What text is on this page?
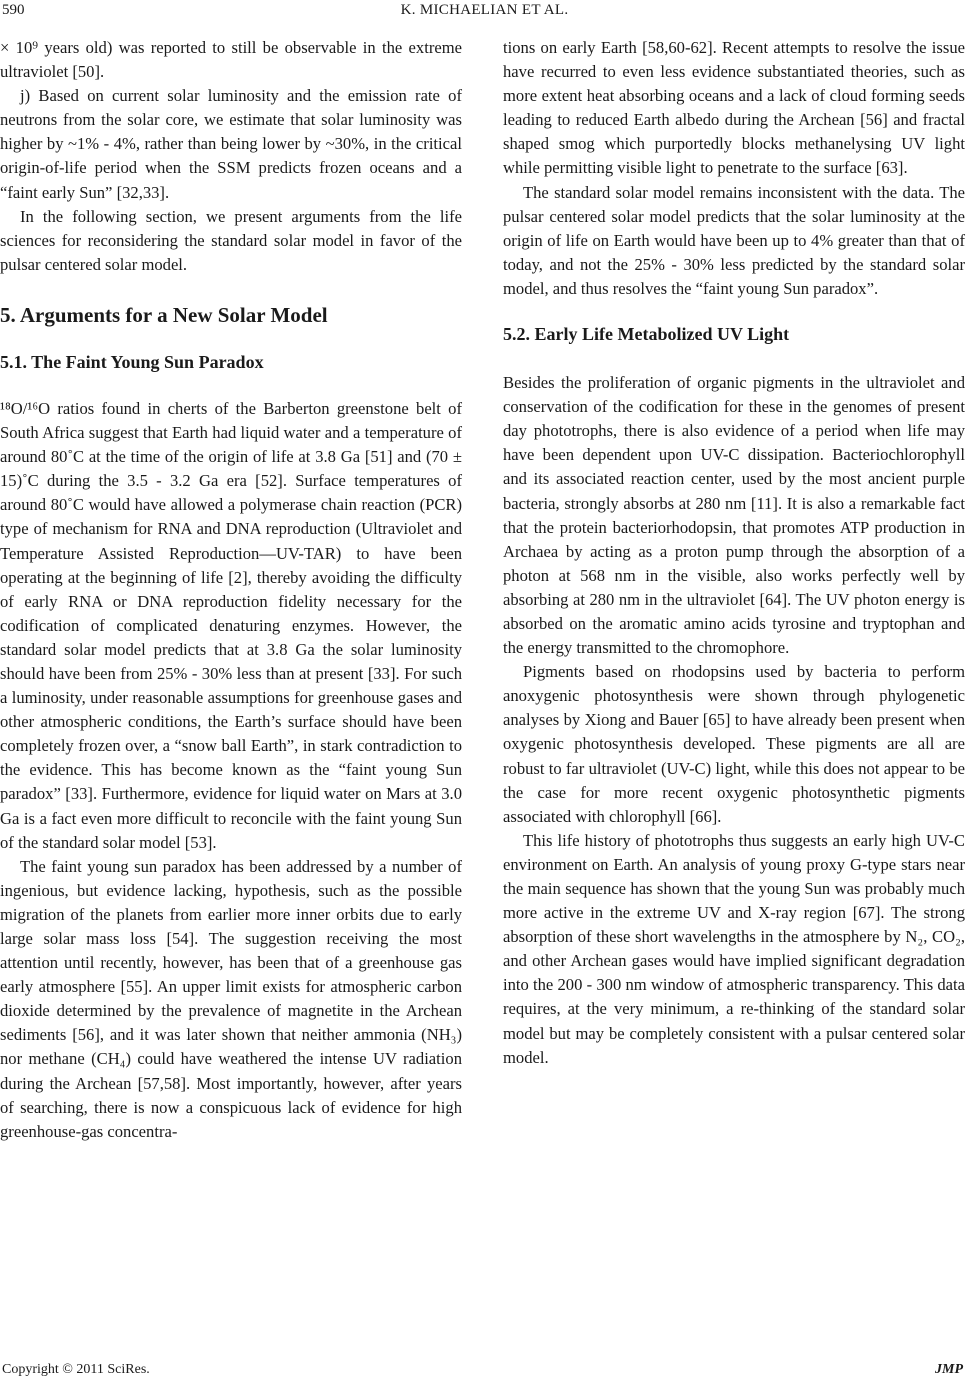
590	K. MICHAELIAN ET AL.

× 10⁹ years old) was reported to still be observable in the extreme ultraviolet [50].

j) Based on current solar luminosity and the emission rate of neutrons from the solar core, we estimate that solar luminosity was higher by ~1% - 4%, rather than being lower by ~30%, in the critical origin-of-life period when the SSM predicts frozen oceans and a “faint early Sun” [32,33].

In the following section, we present arguments from the life sciences for reconsidering the standard solar model in favor of the pulsar centered solar model.

5. Arguments for a New Solar Model
5.1. The Faint Young Sun Paradox

¹⁸O/¹⁶O ratios found in cherts of the Barberton greenstone belt of South Africa suggest that Earth had liquid water and a temperature of around 80˚C at the time of the origin of life at 3.8 Ga [51] and (70 ± 15)˚C during the 3.5 - 3.2 Ga era [52]. Surface temperatures of around 80˚C would have allowed a polymerase chain reaction (PCR) type of mechanism for RNA and DNA reproduction (Ultraviolet and Temperature Assisted Reproduction—UV-TAR) to have been operating at the beginning of life [2], thereby avoiding the difficulty of early RNA or DNA reproduction fidelity necessary for the codification of complicated denaturing enzymes. However, the standard solar model predicts that at 3.8 Ga the solar luminosity should have been from 25% - 30% less than at present [33]. For such a luminosity, under reasonable assumptions for greenhouse gases and other atmospheric conditions, the Earth’s surface should have been completely frozen over, a “snow ball Earth”, in stark contradiction to the evidence. This has become known as the “faint young Sun paradox” [33]. Furthermore, evidence for liquid water on Mars at 3.0 Ga is a fact even more difficult to reconcile with the faint young Sun of the standard solar model [53].

The faint young sun paradox has been addressed by a number of ingenious, but evidence lacking, hypothesis, such as the possible migration of the planets from earlier more inner orbits due to early large solar mass loss [54]. The suggestion receiving the most attention until recently, however, has been that of a greenhouse gas early atmosphere [55]. An upper limit exists for atmospheric carbon dioxide determined by the prevalence of magnetite in the Archean sediments [56], and it was later shown that neither ammonia (NH₃) nor methane (CH₄) could have weathered the intense UV radiation during the Archean [57,58]. Most importantly, however, after years of searching, there is now a conspicuous lack of evidence for high greenhouse-gas concentra-

tions on early Earth [58,60-62]. Recent attempts to resolve the issue have recurred to even less evidence substantiated theories, such as more extent heat absorbing oceans and a lack of cloud forming seeds leading to reduced Earth albedo during the Archean [56] and fractal shaped smog which purportedly blocks methanelysing UV light while permitting visible light to penetrate to the surface [63].

The standard solar model remains inconsistent with the data. The pulsar centered solar model predicts that the solar luminosity at the origin of life on Earth would have been up to 4% greater than that of today, and not the 25% - 30% less predicted by the standard solar model, and thus resolves the “faint young Sun paradox”.

5.2. Early Life Metabolized UV Light

Besides the proliferation of organic pigments in the ultraviolet and conservation of the codification for these in the genomes of present day phototrophs, there is also evidence of a period when life may have been dependent upon UV-C dissipation. Bacteriochlorophyll and its associated reaction center, used by the most ancient purple bacteria, strongly absorbs at 280 nm [11]. It is also a remarkable fact that the protein bacteriorhodopsin, that promotes ATP production in Archaea by acting as a proton pump through the absorption of a photon at 568 nm in the visible, also works perfectly well by absorbing at 280 nm in the ultraviolet [64]. The UV photon energy is absorbed on the aromatic amino acids tyrosine and tryptophan and the energy transmitted to the chromophore.

Pigments based on rhodopsins used by bacteria to perform anoxygenic photosynthesis were shown through phylogenetic analyses by Xiong and Bauer [65] to have already been present when oxygenic photosynthesis developed. These pigments are all are robust to far ultraviolet (UV-C) light, while this does not appear to be the case for more recent oxygenic photosynthetic pigments associated with chlorophyll [66].

This life history of phototrophs thus suggests an early high UV-C environment on Earth. An analysis of young proxy G-type stars near the main sequence has shown that the young Sun was probably much more active in the extreme UV and X-ray region [67]. The strong absorption of these short wavelengths in the atmosphere by N₂, CO₂, and other Archean gases would have implied significant degradation into the 200 - 300 nm window of atmospheric transparency. This data requires, at the very minimum, a re-thinking of the standard solar model but may be completely consistent with a pulsar centered solar model.

Copyright © 2011 SciRes.	JMP
